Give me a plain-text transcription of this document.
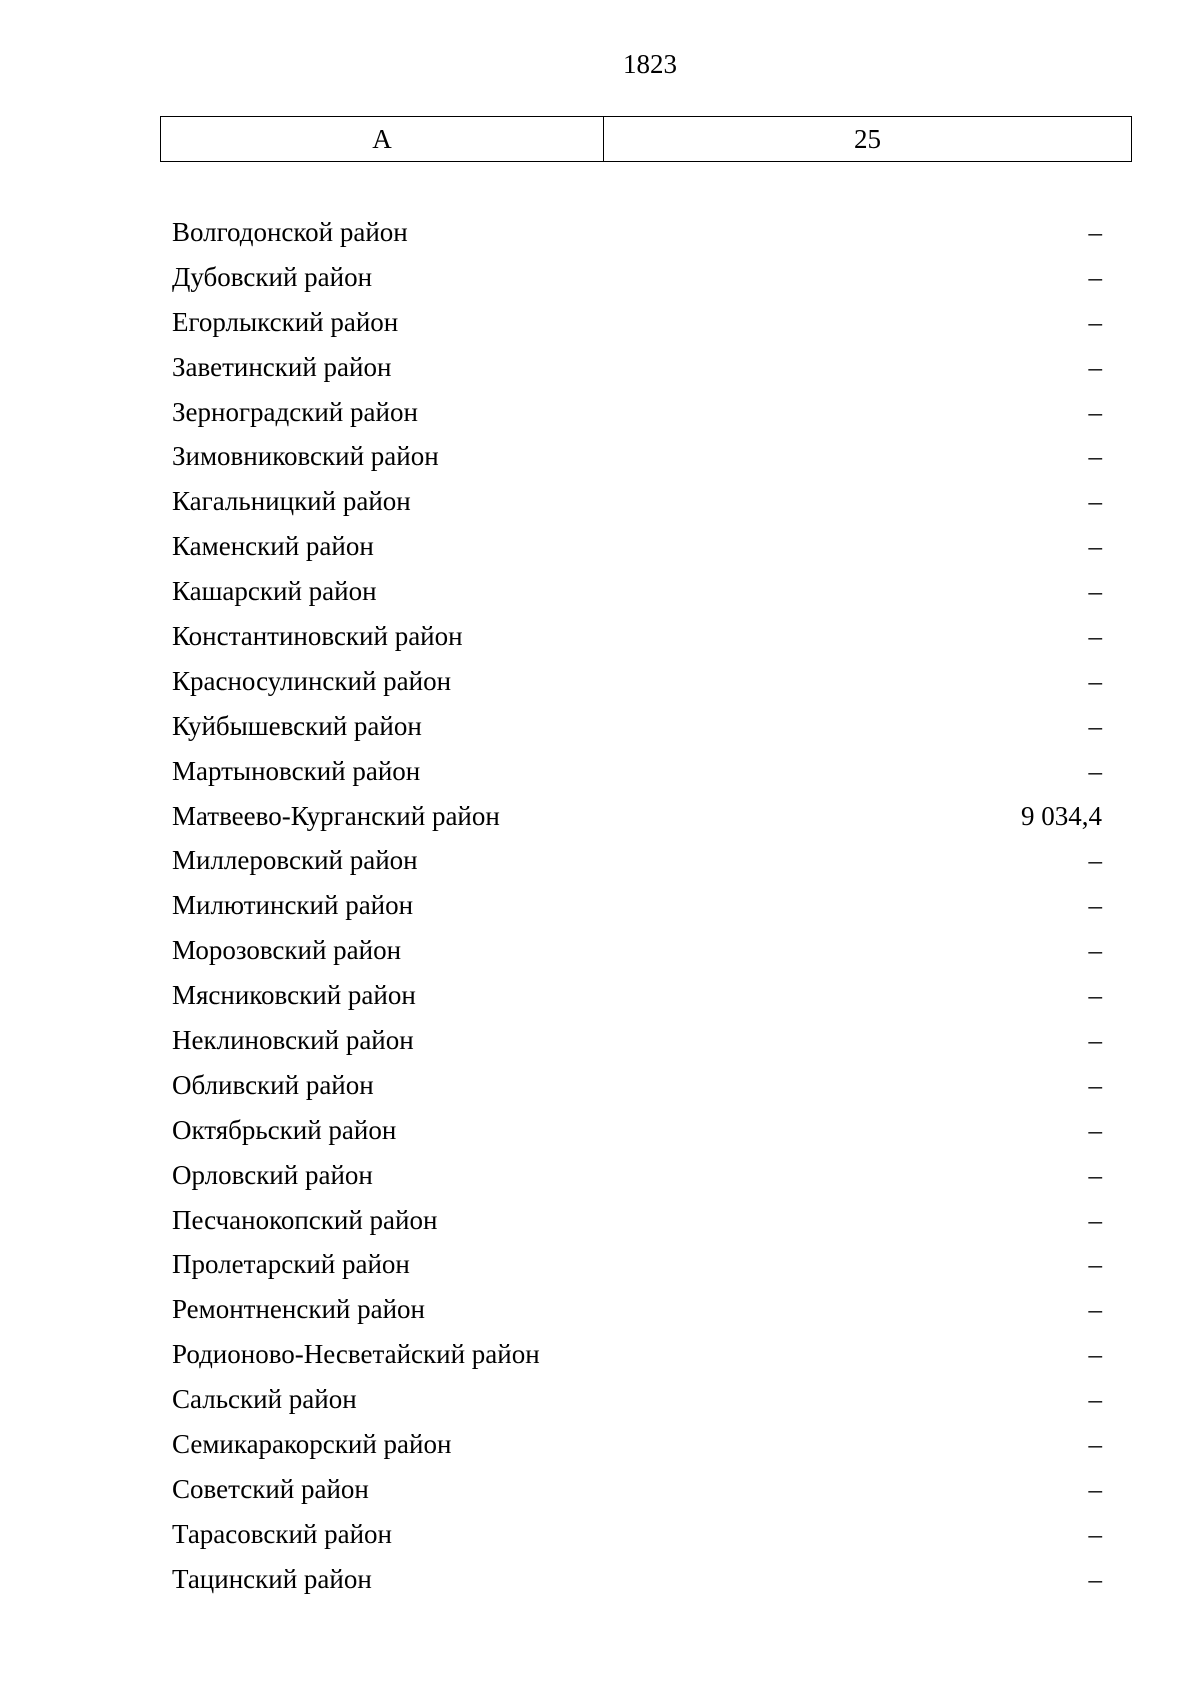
1823
А	25
Волгодонской район	–
Дубовский район	–
Егорлыкский район	–
Заветинский район	–
Зерноградский район	–
Зимовниковский район	–
Кагальницкий район	–
Каменский район	–
Кашарский район	–
Константиновский район	–
Красносулинский район	–
Куйбышевский район	–
Мартыновский район	–
Матвеево-Курганский район	9 034,4
Миллеровский район	–
Милютинский район	–
Морозовский район	–
Мясниковский район	–
Неклиновский район	–
Обливский район	–
Октябрьский район	–
Орловский район	–
Песчанокопский район	–
Пролетарский район	–
Ремонтненский район	–
Родионово-Несветайский район	–
Сальский район	–
Семикаракорский район	–
Советский район	–
Тарасовский район	–
Тацинский район	–
